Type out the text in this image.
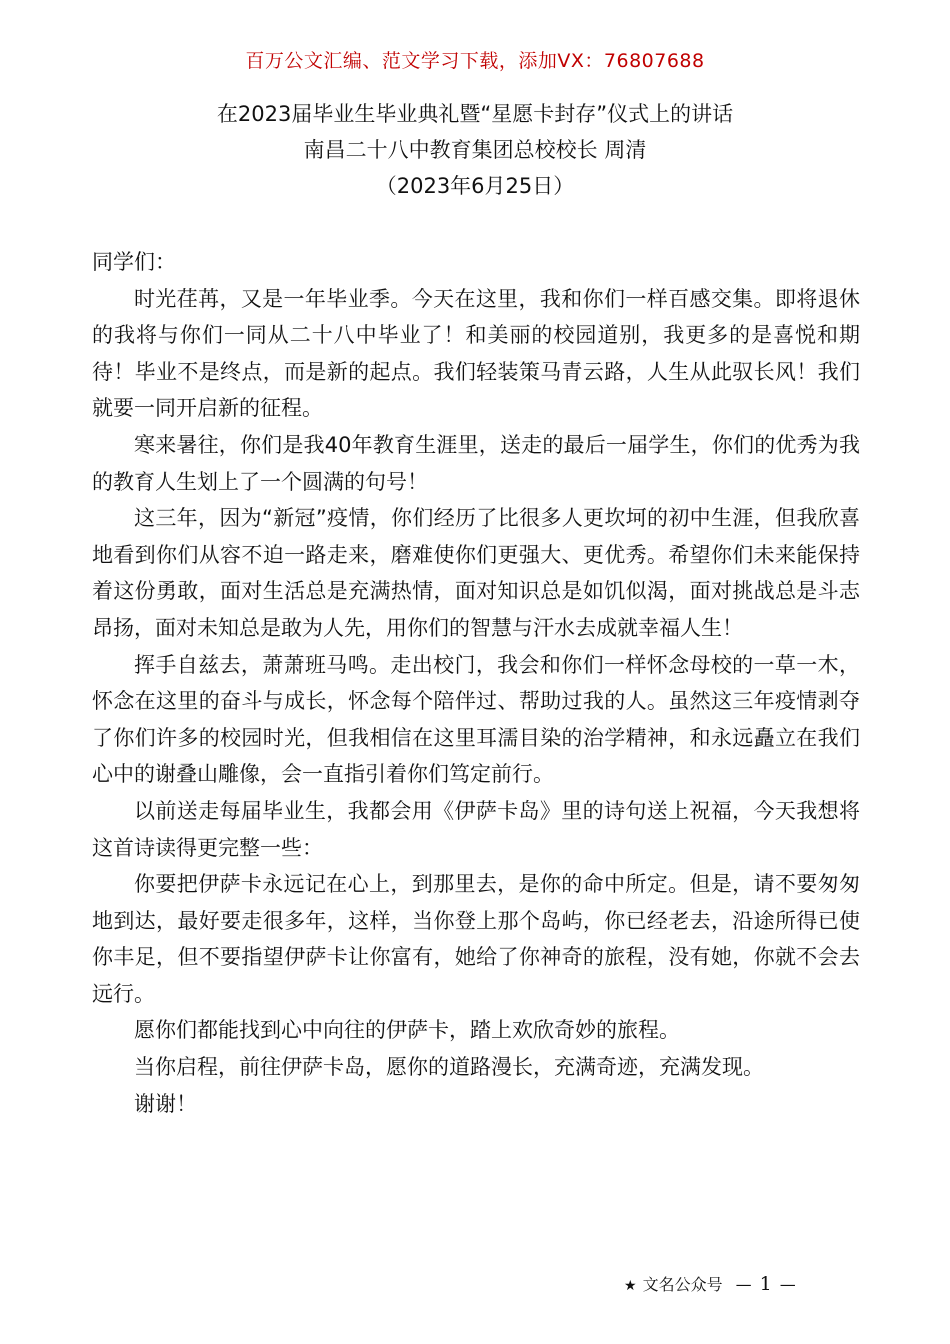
百万公文汇编、范文学习下载，添加VX：76807688
在2023届毕业生毕业典礼暨“星愿卡封存”仪式上的讲话
南昌二十八中教育集团总校校长 周清
（2023年6月25日）

同学们：

时光荏苒，又是一年毕业季。今天在这里，我和你们一样百感交集。即将退休的我将与你们一同从二十八中毕业了！和美丽的校园道别，我更多的是喜悦和期待！毕业不是终点，而是新的起点。我们轻装策马青云路，人生从此驭长风！我们就要一同开启新的征程。

寒来暑往，你们是我40年教育生涯里，送走的最后一届学生，你们的优秀为我的教育人生划上了一个圆满的句号！

这三年，因为“新冠”疫情，你们经历了比很多人更坎坷的初中生涯，但我欣喜地看到你们从容不迫一路走来，磨难使你们更强大、更优秀。希望你们未来能保持着这份勇敢，面对生活总是充满热情，面对知识总是如饥似渴，面对挑战总是斗志昂扬，面对未知总是敢为人先，用你们的智慧与汗水去成就幸福人生！

挥手自兹去，萧萧班马鸣。走出校门，我会和你们一样怀念母校的一草一木，怀念在这里的奋斗与成长，怀念每个陪伴过、帮助过我的人。虽然这三年疫情剥夺了你们许多的校园时光，但我相信在这里耳濡目染的治学精神，和永远矗立在我们心中的谢叠山雕像，会一直指引着你们笃定前行。

以前送走每届毕业生，我都会用《伊萨卡岛》里的诗句送上祝福，今天我想将这首诗读得更完整一些：

你要把伊萨卡永远记在心上，到那里去，是你的命中所定。但是，请不要匆匆地到达，最好要走很多年，这样，当你登上那个岛屿，你已经老去，沿途所得已使你丰足，但不要指望伊萨卡让你富有，她给了你神奇的旅程，没有她，你就不会去远行。

愿你们都能找到心中向往的伊萨卡，踏上欢欣奇妙的旅程。

当你启程，前往伊萨卡岛，愿你的道路漫长，充满奇迹，充满发现。

谢谢！

★ 文名公众号 — 1 —
